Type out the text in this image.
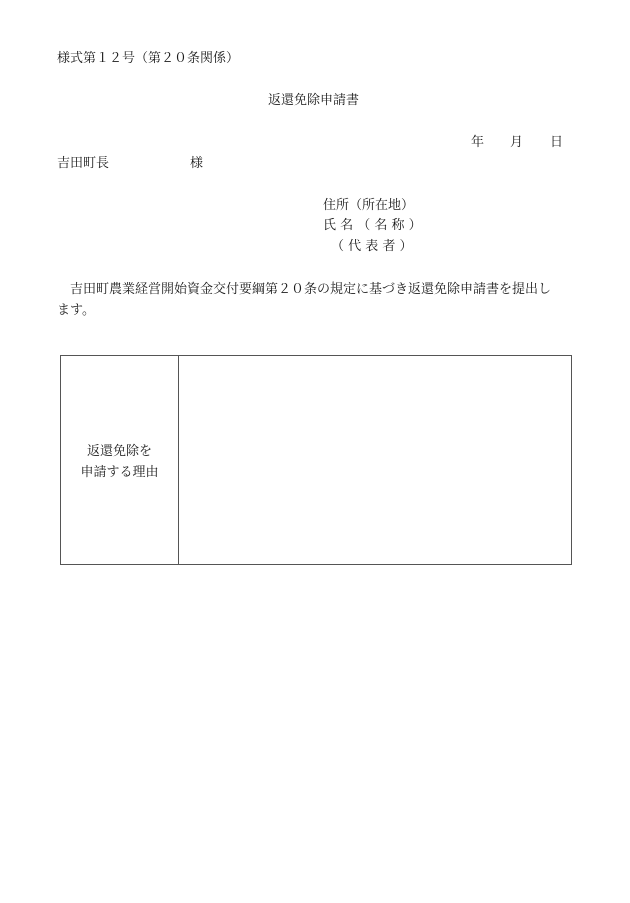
様式第１２号（第２０条関係）
返還免除申請書
年 月 日
吉田町長	様
住所（所在地）
氏 名 （ 名 称 ）
（ 代 表 者 ）
　吉田町農業経営開始資金交付要綱第２０条の規定に基づき返還免除申請書を提出し
ます。
返還免除を
申請する理由
